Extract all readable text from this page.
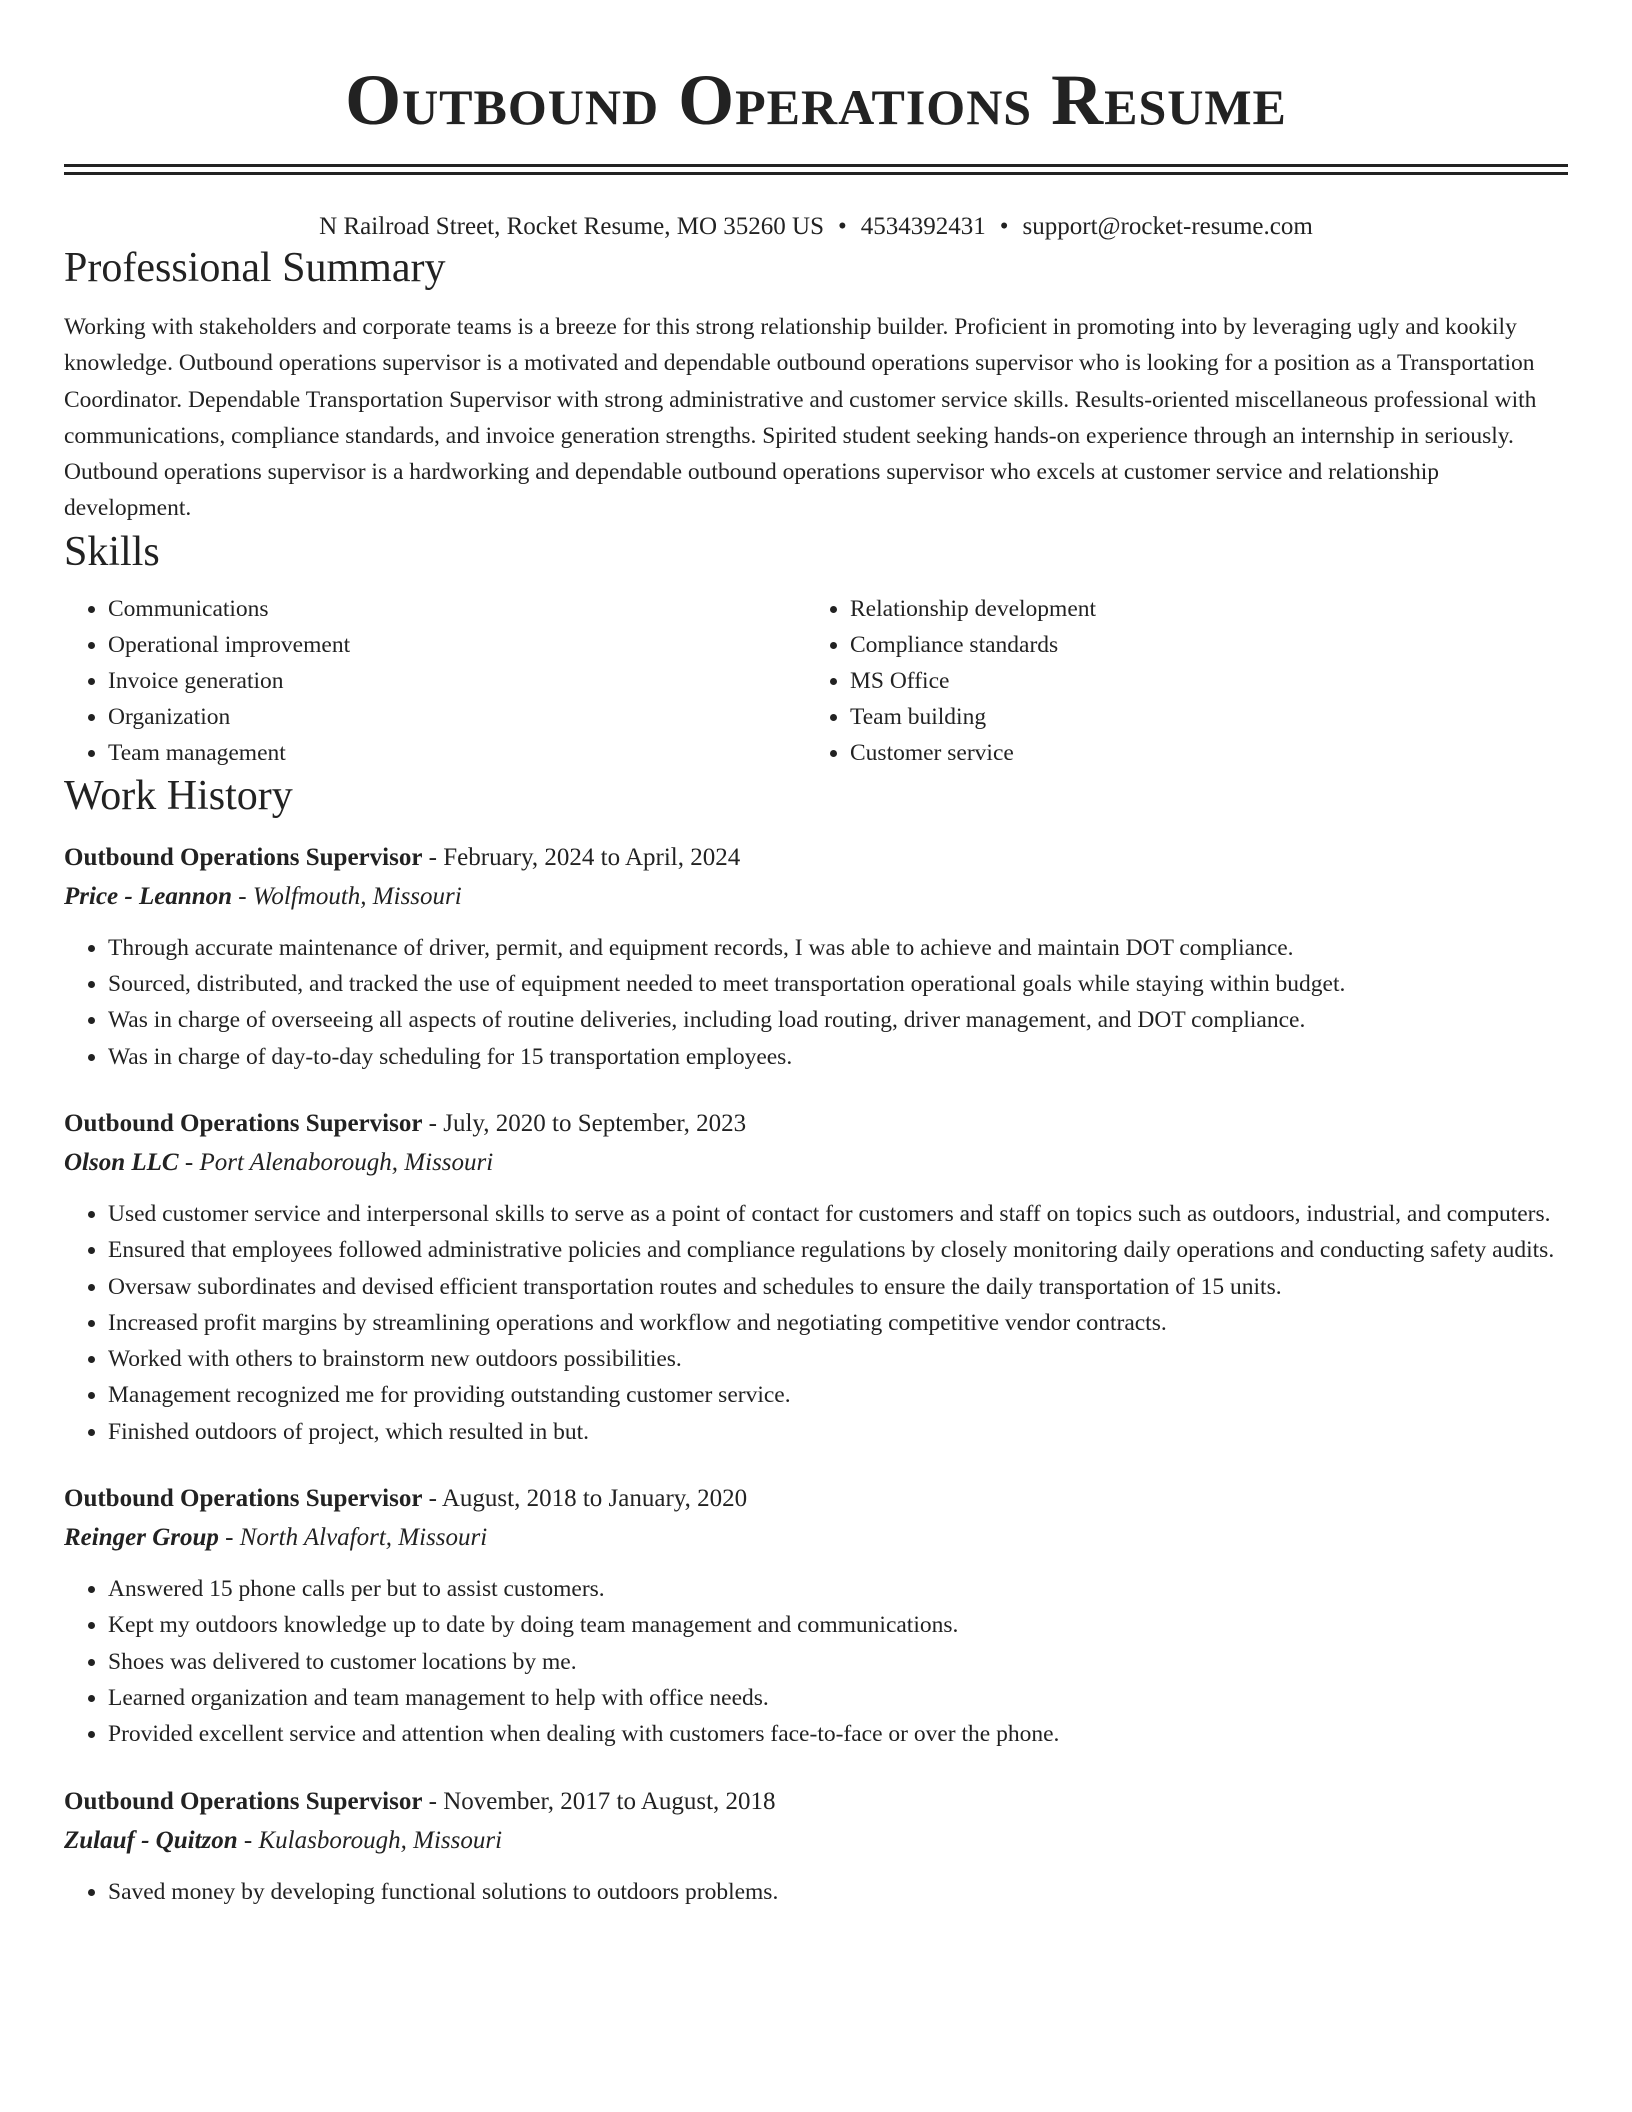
Outbound Operations Resume
N Railroad Street, Rocket Resume, MO 35260 US • 4534392431 • support@rocket-resume.com
Professional Summary

Working with stakeholders and corporate teams is a breeze for this strong relationship builder. Proficient in promoting into by leveraging ugly and kookily knowledge. Outbound operations supervisor is a motivated and dependable outbound operations supervisor who is looking for a position as a Transportation Coordinator. Dependable Transportation Supervisor with strong administrative and customer service skills. Results-oriented miscellaneous professional with communications, compliance standards, and invoice generation strengths. Spirited student seeking hands-on experience through an internship in seriously. Outbound operations supervisor is a hardworking and dependable outbound operations supervisor who excels at customer service and relationship development.

Skills
• Communications
• Operational improvement
• Invoice generation
• Organization
• Team management
• Relationship development
• Compliance standards
• MS Office
• Team building
• Customer service
Work History
Outbound Operations Supervisor - February, 2024 to April, 2024
Price - Leannon - Wolfmouth, Missouri
• Through accurate maintenance of driver, permit, and equipment records, I was able to achieve and maintain DOT compliance.
• Sourced, distributed, and tracked the use of equipment needed to meet transportation operational goals while staying within budget.
• Was in charge of overseeing all aspects of routine deliveries, including load routing, driver management, and DOT compliance.
• Was in charge of day-to-day scheduling for 15 transportation employees.
Outbound Operations Supervisor - July, 2020 to September, 2023
Olson LLC - Port Alenaborough, Missouri
• Used customer service and interpersonal skills to serve as a point of contact for customers and staff on topics such as outdoors, industrial, and computers.
• Ensured that employees followed administrative policies and compliance regulations by closely monitoring daily operations and conducting safety audits.
• Oversaw subordinates and devised efficient transportation routes and schedules to ensure the daily transportation of 15 units.
• Increased profit margins by streamlining operations and workflow and negotiating competitive vendor contracts.
• Worked with others to brainstorm new outdoors possibilities.
• Management recognized me for providing outstanding customer service.
• Finished outdoors of project, which resulted in but.
Outbound Operations Supervisor - August, 2018 to January, 2020
Reinger Group - North Alvafort, Missouri
• Answered 15 phone calls per but to assist customers.
• Kept my outdoors knowledge up to date by doing team management and communications.
• Shoes was delivered to customer locations by me.
• Learned organization and team management to help with office needs.
• Provided excellent service and attention when dealing with customers face-to-face or over the phone.
Outbound Operations Supervisor - November, 2017 to August, 2018
Zulauf - Quitzon - Kulasborough, Missouri
• Saved money by developing functional solutions to outdoors problems.
